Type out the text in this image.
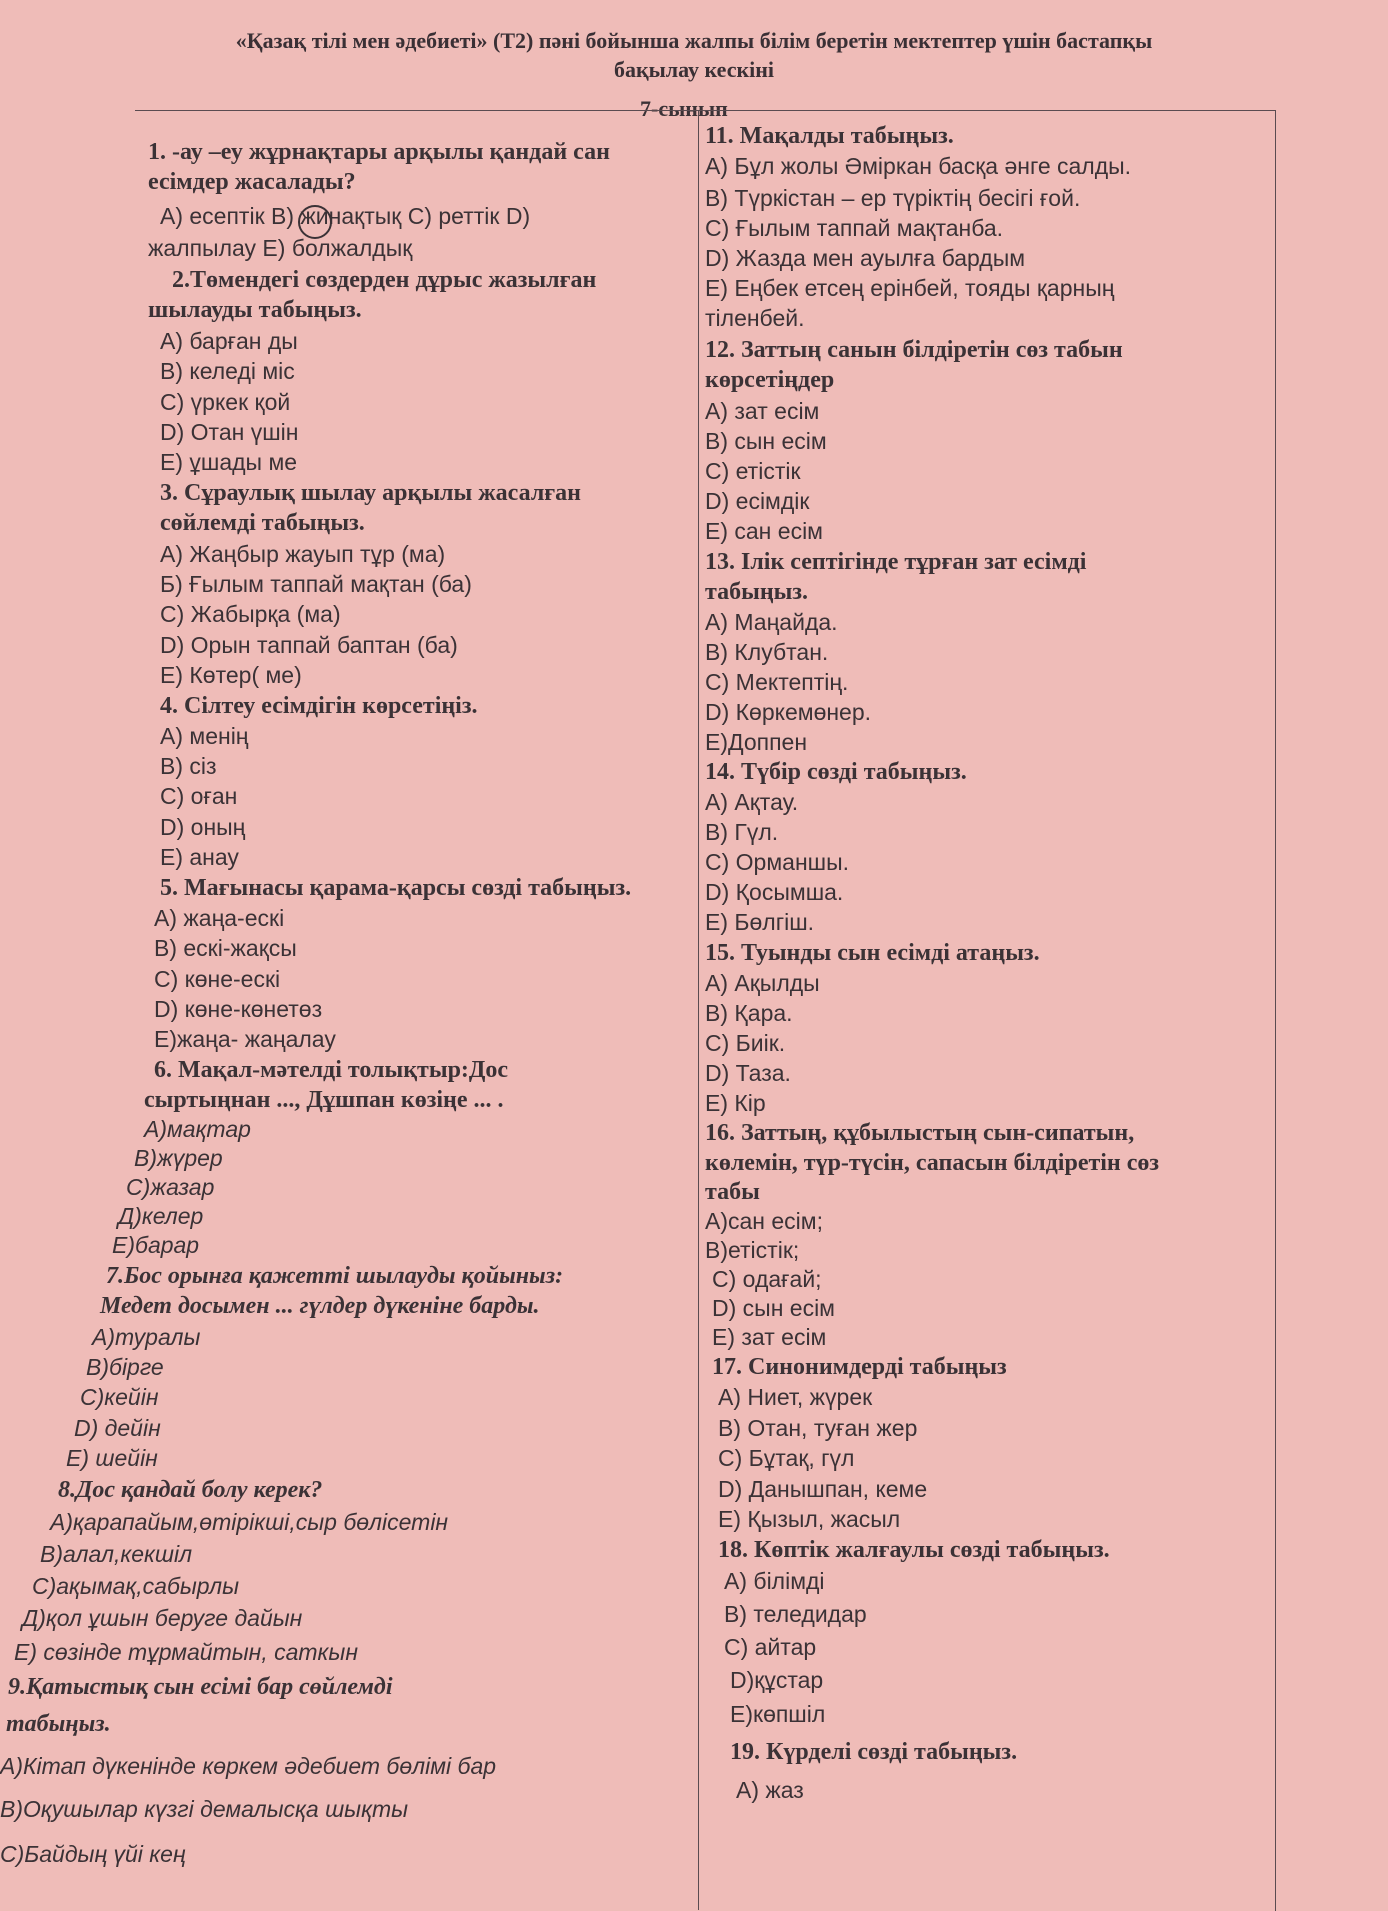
«Қазақ тілі мен әдебиеті» (Т2) пәні бойынша жалпы білім беретін мектептер үшін бастапқы
бақылау кескіні
7-сынып
1. -ау –еу жұрнақтары арқылы қандай сан
есімдер жасалады?
А) есептік В) жинақтық С) реттік D)
жалпылау Е) болжалдық
2.Төмендегі сөздерден дұрыс жазылған
шылауды табыңыз.
А) барған ды
В) келеді міс
С) үркек қой
D) Отан үшін
Е) ұшады ме
3. Сұраулық шылау арқылы жасалған
сөйлемді табыңыз.
А) Жаңбыр жауып тұр (ма)
Б) Ғылым таппай мақтан (ба)
С) Жабырқа (ма)
D) Орын таппай баптан (ба)
Е) Көтер( ме)
4. Сілтеу есімдігін көрсетіңіз.
А) менің
В) сіз
С) оған
D) оның
Е) анау
5. Мағынасы қарама-қарсы сөзді табыңыз.
А) жаңа-ескі
В) ескі-жақсы
С) көне-ескі
D) көне-көнетөз
Е)жаңа- жаңалау
6. Мақал-мәтелді толықтыр:Дос
сыртыңнан ..., Дұшпан көзіңе ... .
А)мақтар
В)жүрер
С)жазар
Д)келер
Е)барар
7.Бос орынға қажетті шылауды қойыныз:
Медет досымен ... гүлдер дүкеніне барды.
А)туралы
В)бірге
С)кейін
D) дейін
Е) шейін
8.Дос қандай болу керек?
А)қарапайым,өтірікші,сыр бөлісетін
В)алал,кекшіл
С)ақымақ,сабырлы
Д)қол ұшын беруге дайын
Е) сөзінде тұрмайтын, саткын
9.Қатыстық сын есімі бар сөйлемді
табыңыз.
А)Кітап дүкенінде көркем әдебиет бөлімі бар
В)Оқушылар күзгі демалысқа шықты
С)Байдың үйі кең
11. Мақалды табыңыз.
А) Бұл жолы Әміркан басқа әнге салды.
В) Түркістан – ер түріктің бесігі ғой.
С) Ғылым таппай мақтанба.
D) Жазда мен ауылға бардым
Е) Еңбек етсең ерінбей, тояды қарның
тіленбей.
12. Заттың санын білдіретін сөз табын
көрсетіңдер
А) зат есім
В) сын есім
С) етістік
D) есімдік
Е) сан есім
13. Ілік септігінде тұрған зат есімді
табыңыз.
А) Маңайда.
В) Клубтан.
С) Мектептің.
D) Көркемөнер.
Е)Доппен
14. Түбір сөзді табыңыз.
А) Ақтау.
В) Гүл.
С) Орманшы.
D) Қосымша.
Е) Бөлгіш.
15. Туынды сын есімді атаңыз.
А) Ақылды
В) Қара.
С) Биік.
D) Таза.
Е) Кір
16. Заттың, құбылыстың сын-сипатын,
көлемін, түр-түсін, сапасын білдіретін сөз
табы
А)сан есім;
В)етістік;
С) одағай;
D) сын есім
Е) зат есім
17. Синонимдерді табыңыз
А) Ниет, жүрек
В) Отан, туған жер
С) Бұтақ, гүл
D) Данышпан, кеме
Е) Қызыл, жасыл
18. Көптік жалғаулы сөзді табыңыз.
А) білімді
В) теледидар
С) айтар
D)құстар
Е)көпшіл
19. Күрделі сөзді табыңыз.
А) жаз
